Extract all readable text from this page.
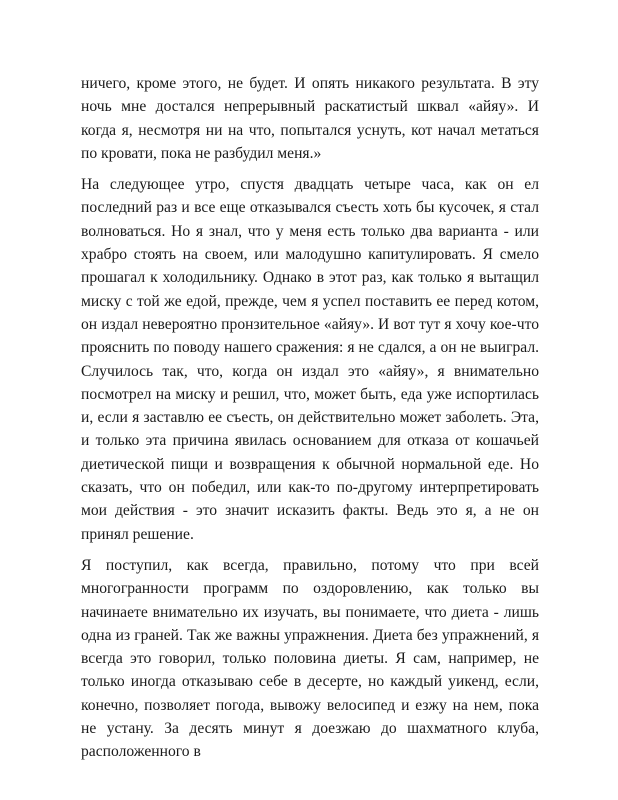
ничего, кроме этого, не будет. И опять никакого результата. В эту ночь мне достался непрерывный раскатистый шквал «айяу». И когда я, несмотря ни на что, попытался уснуть, кот начал метаться по кровати, пока не разбудил меня.»

На следующее утро, спустя двадцать четыре часа, как он ел последний раз и все еще отказывался съесть хоть бы кусочек, я стал волноваться. Но я знал, что у меня есть только два варианта - или храбро стоять на своем, или малодушно капитулировать. Я смело прошагал к холодильнику. Однако в этот раз, как только я вытащил миску с той же едой, прежде, чем я успел поставить ее перед котом, он издал невероятно пронзительное «айяу». И вот тут я хочу кое-что прояснить по поводу нашего сражения: я не сдался, а он не выиграл. Случилось так, что, когда он издал это «айяу», я внимательно посмотрел на миску и решил, что, может быть, еда уже испортилась и, если я заставлю ее съесть, он действительно может заболеть. Эта, и только эта причина явилась основанием для отказа от кошачьей диетической пищи и возвращения к обычной нормальной еде. Но сказать, что он победил, или как-то по-другому интерпретировать мои действия - это значит исказить факты. Ведь это я, а не он принял решение.

Я поступил, как всегда, правильно, потому что при всей многогранности программ по оздоровлению, как только вы начинаете внимательно их изучать, вы понимаете, что диета - лишь одна из граней. Так же важны упражнения. Диета без упражнений, я всегда это говорил, только половина диеты. Я сам, например, не только иногда отказываю себе в десерте, но каждый уикенд, если, конечно, позволяет погода, вывожу велосипед и езжу на нем, пока не устану. За десять минут я доезжаю до шахматного клуба, расположенного в
